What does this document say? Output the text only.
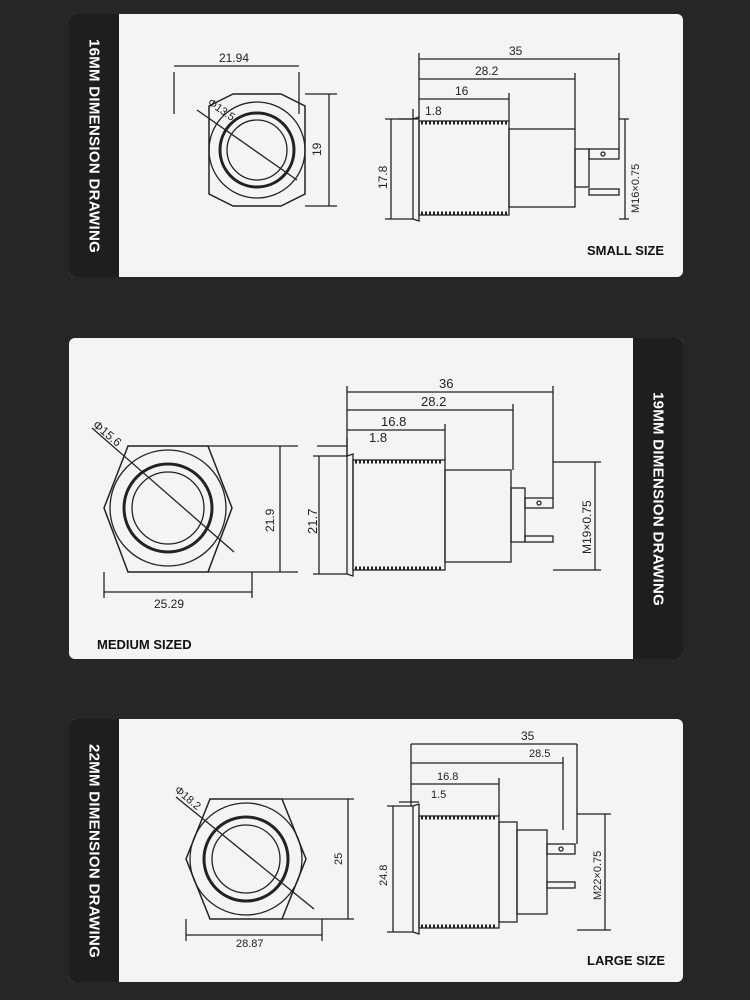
16MM DIMENSION DRAWING	SMALL SIZE
Φ13.5
21.94
19
35
28.2
16
1.8
17.8	M16×0.75
19MM DIMENSION DRAWING
MEDIUM SIZED
Φ15.6
25.29
21.9
36
28.2
16.8
1.8
21.7	M19×0.75
22MM DIMENSION DRAWING
LARGE SIZE
Φ18.2
28.87
25
35
28.5
16.8
1.5
24.8	M22×0.75
